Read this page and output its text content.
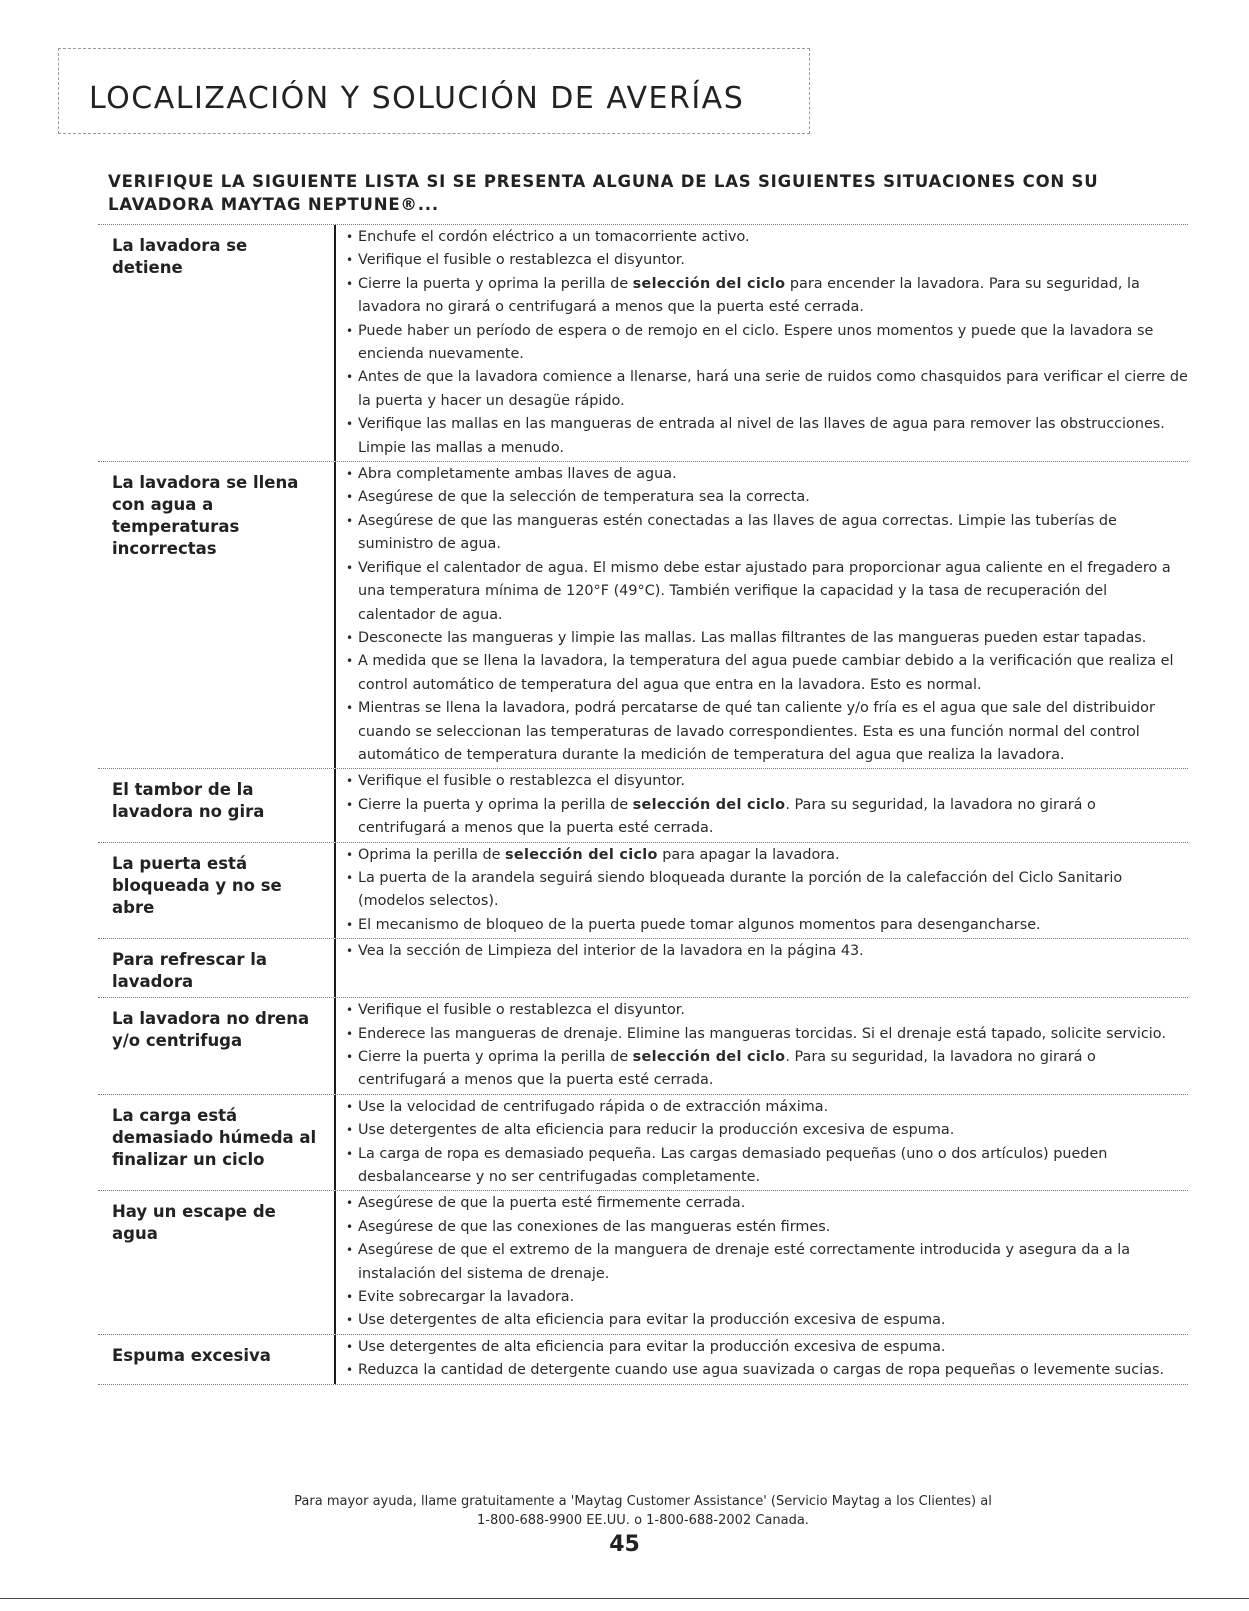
LOCALIZACIÓN Y SOLUCIÓN DE AVERÍAS
VERIFIQUE LA SIGUIENTE LISTA SI SE PRESENTA ALGUNA DE LAS SIGUIENTES SITUACIONES CON SU LAVADORA MAYTAG NEPTUNE®...
La lavadora se detiene
• Enchufe el cordón eléctrico a un tomacorriente activo.
• Verifique el fusible o restablezca el disyuntor.
• Cierre la puerta y oprima la perilla de selección del ciclo para encender la lavadora. Para su seguridad, la lavadora no girará o centrifugará a menos que la puerta esté cerrada.
• Puede haber un período de espera o de remojo en el ciclo. Espere unos momentos y puede que la lavadora se encienda nuevamente.
• Antes de que la lavadora comience a llenarse, hará una serie de ruidos como chasquidos para verificar el cierre de la puerta y hacer un desagüe rápido.
• Verifique las mallas en las mangueras de entrada al nivel de las llaves de agua para remover las obstrucciones. Limpie las mallas a menudo.
La lavadora se llena con agua a temperaturas incorrectas
• Abra completamente ambas llaves de agua.
• Asegúrese de que la selección de temperatura sea la correcta.
• Asegúrese de que las mangueras estén conectadas a las llaves de agua correctas. Limpie las tuberías de suministro de agua.
• Verifique el calentador de agua. El mismo debe estar ajustado para proporcionar agua caliente en el fregadero a una temperatura mínima de 120°F (49°C). También verifique la capacidad y la tasa de recuperación del calentador de agua.
• Desconecte las mangueras y limpie las mallas. Las mallas filtrantes de las mangueras pueden estar tapadas.
• A medida que se llena la lavadora, la temperatura del agua puede cambiar debido a la verificación que realiza el control automático de temperatura del agua que entra en la lavadora. Esto es normal.
• Mientras se llena la lavadora, podrá percatarse de qué tan caliente y/o fría es el agua que sale del distribuidor cuando se seleccionan las temperaturas de lavado correspondientes. Esta es una función normal del control automático de temperatura durante la medición de temperatura del agua que realiza la lavadora.
El tambor de la lavadora no gira
• Verifique el fusible o restablezca el disyuntor.
• Cierre la puerta y oprima la perilla de selección del ciclo. Para su seguridad, la lavadora no girará o centrifugará a menos que la puerta esté cerrada.
La puerta está bloqueada y no se abre
• Oprima la perilla de selección del ciclo para apagar la lavadora.
• La puerta de la arandela seguirá siendo bloqueada durante la porción de la calefacción del Ciclo Sanitario (modelos selectos).
• El mecanismo de bloqueo de la puerta puede tomar algunos momentos para desengancharse.
Para refrescar la lavadora
• Vea la sección de Limpieza del interior de la lavadora en la página 43.
La lavadora no drena y/o centrifuga
• Verifique el fusible o restablezca el disyuntor.
• Enderece las mangueras de drenaje. Elimine las mangueras torcidas. Si el drenaje está tapado, solicite servicio.
• Cierre la puerta y oprima la perilla de selección del ciclo. Para su seguridad, la lavadora no girará o centrifugará a menos que la puerta esté cerrada.
La carga está demasiado húmeda al finalizar un ciclo
• Use la velocidad de centrifugado rápida o de extracción máxima.
• Use detergentes de alta eficiencia para reducir la producción excesiva de espuma.
• La carga de ropa es demasiado pequeña. Las cargas demasiado pequeñas (uno o dos artículos) pueden desbalancearse y no ser centrifugadas completamente.
Hay un escape de agua
• Asegúrese de que la puerta esté firmemente cerrada.
• Asegúrese de que las conexiones de las mangueras estén firmes.
• Asegúrese de que el extremo de la manguera de drenaje esté correctamente introducida y asegura da a la instalación del sistema de drenaje.
• Evite sobrecargar la lavadora.
• Use detergentes de alta eficiencia para evitar la producción excesiva de espuma.
Espuma excesiva
•	Use detergentes de alta eficiencia para evitar la producción excesiva de espuma.
• Reduzca la cantidad de detergente cuando use agua suavizada o cargas de ropa pequeñas o levemente sucias.
Para mayor ayuda, llame gratuitamente a 'Maytag Customer Assistance' (Servicio Maytag a los Clientes) al
1-800-688-9900 EE.UU. o 1-800-688-2002 Canada.
45
